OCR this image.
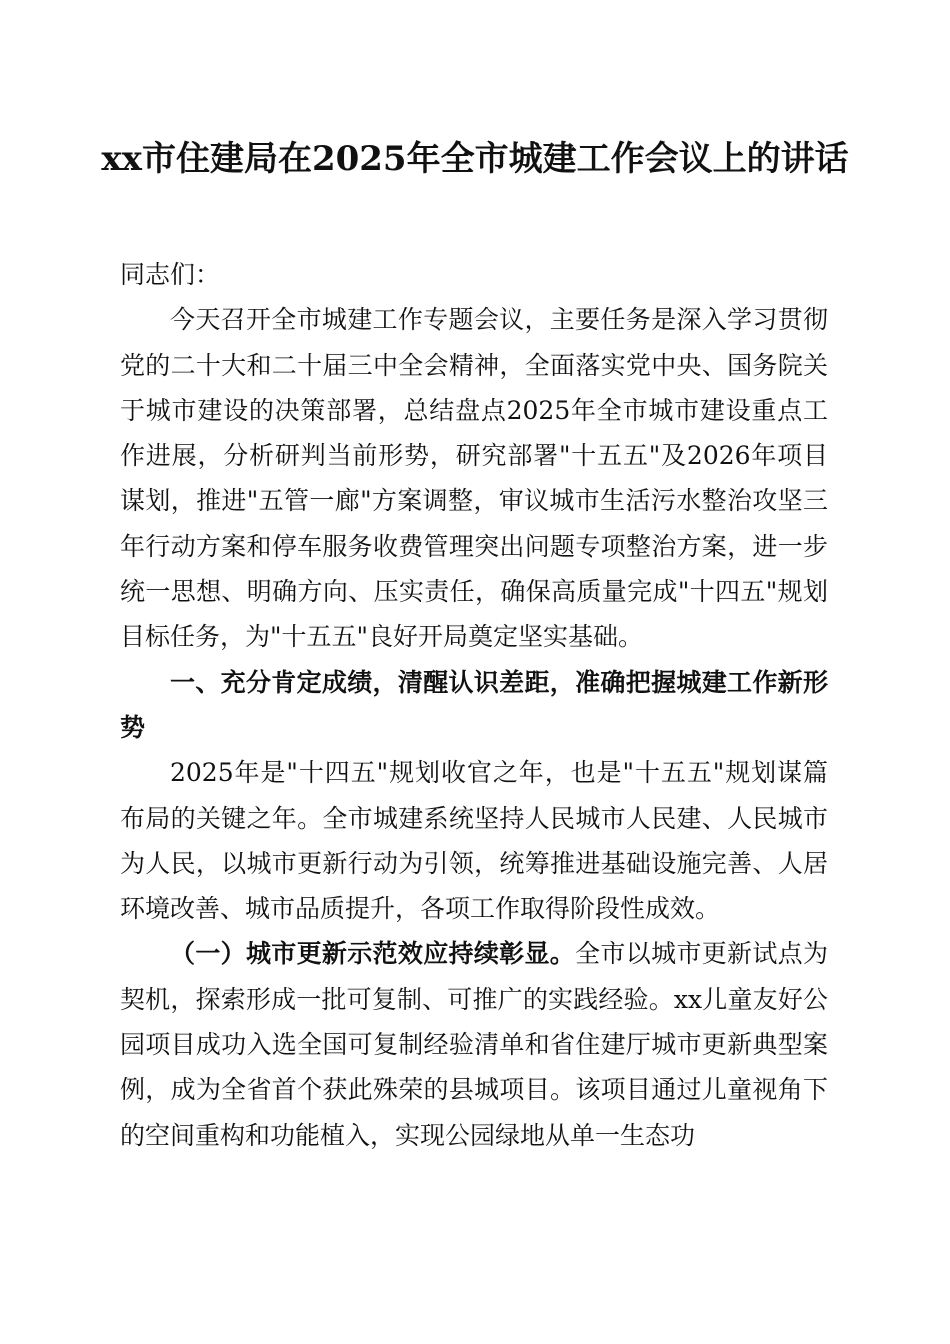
xx市住建局在2025年全市城建工作会议上的讲话

同志们：

今天召开全市城建工作专题会议，主要任务是深入学习贯彻党的二十大和二十届三中全会精神，全面落实党中央、国务院关于城市建设的决策部署，总结盘点2025年全市城市建设重点工作进展，分析研判当前形势，研究部署"十五五"及2026年项目谋划，推进"五管一廊"方案调整，审议城市生活污水整治攻坚三年行动方案和停车服务收费管理突出问题专项整治方案，进一步统一思想、明确方向、压实责任，确保高质量完成"十四五"规划目标任务，为"十五五"良好开局奠定坚实基础。

一、充分肯定成绩，清醒认识差距，准确把握城建工作新形势

2025年是"十四五"规划收官之年，也是"十五五"规划谋篇布局的关键之年。全市城建系统坚持人民城市人民建、人民城市为人民，以城市更新行动为引领，统筹推进基础设施完善、人居环境改善、城市品质提升，各项工作取得阶段性成效。

（一）城市更新示范效应持续彰显。全市以城市更新试点为契机，探索形成一批可复制、可推广的实践经验。xx儿童友好公园项目成功入选全国可复制经验清单和省住建厅城市更新典型案例，成为全省首个获此殊荣的县城项目。该项目通过儿童视角下的空间重构和功能植入，实现公园绿地从单一生态功
